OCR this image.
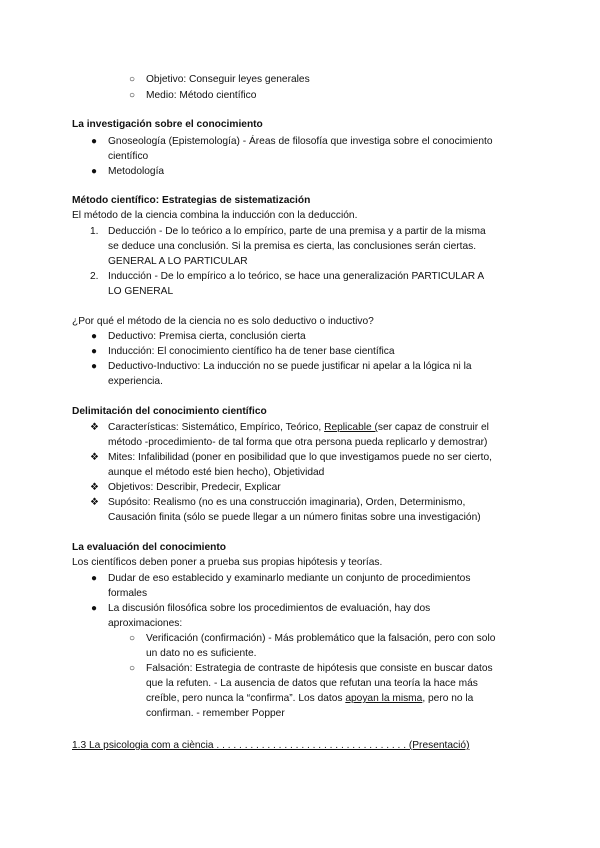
○ Objetivo: Conseguir leyes generales
○ Medio: Método científico
La investigación sobre el conocimiento
● Gnoseología (Epistemología) - Áreas de filosofía que investiga sobre el conocimiento
científico
● Metodología
Método científico: Estrategias de sistematización
El método de la ciencia combina la inducción con la deducción.
1. Deducción - De lo teórico a lo empírico, parte de una premisa y a partir de la misma
se deduce una conclusión. Si la premisa es cierta, las conclusiones serán ciertas.
GENERAL A LO PARTICULAR
2. Inducción - De lo empírico a lo teórico, se hace una generalización PARTICULAR A
LO GENERAL
¿Por qué el método de la ciencia no es solo deductivo o inductivo?
● Deductivo: Premisa cierta, conclusión cierta
● Inducción: El conocimiento científico ha de tener base científica
● Deductivo-Inductivo: La inducción no se puede justificar ni apelar a la lógica ni la
experiencia.
Delimitación del conocimiento científico
❖ Características: Sistemático, Empírico, Teórico, Replicable (ser capaz de construir el
método -procedimiento- de tal forma que otra persona pueda replicarlo y demostrar)
❖ Mites: Infalibilidad (poner en posibilidad que lo que investigamos puede no ser cierto,
aunque el método esté bien hecho), Objetividad
❖ Objetivos: Describir, Predecir, Explicar
❖ Supósito: Realismo (no es una construcción imaginaria), Orden, Determinismo,
Causación finita (sólo se puede llegar a un número finitas sobre una investigación)
La evaluación del conocimiento
Los científicos deben poner a prueba sus propias hipótesis y teorías.
● Dudar de eso establecido y examinarlo mediante un conjunto de procedimientos
formales
● La discusión filosófica sobre los procedimientos de evaluación, hay dos
aproximaciones:
○ Verificación (confirmación) - Más problemático que la falsación, pero con solo
un dato no es suficiente.
○ Falsación: Estrategia de contraste de hipótesis que consiste en buscar datos
que la refuten. - La ausencia de datos que refutan una teoría la hace más
creíble, pero nunca la “confirma”. Los datos apoyan la misma, pero no la
confirman. - remember Popper
1.3 La psicologia com a ciència . . . . . . . . . . . . . . . . . . . . . . . . . . . . . . . . . . (Presentació)
